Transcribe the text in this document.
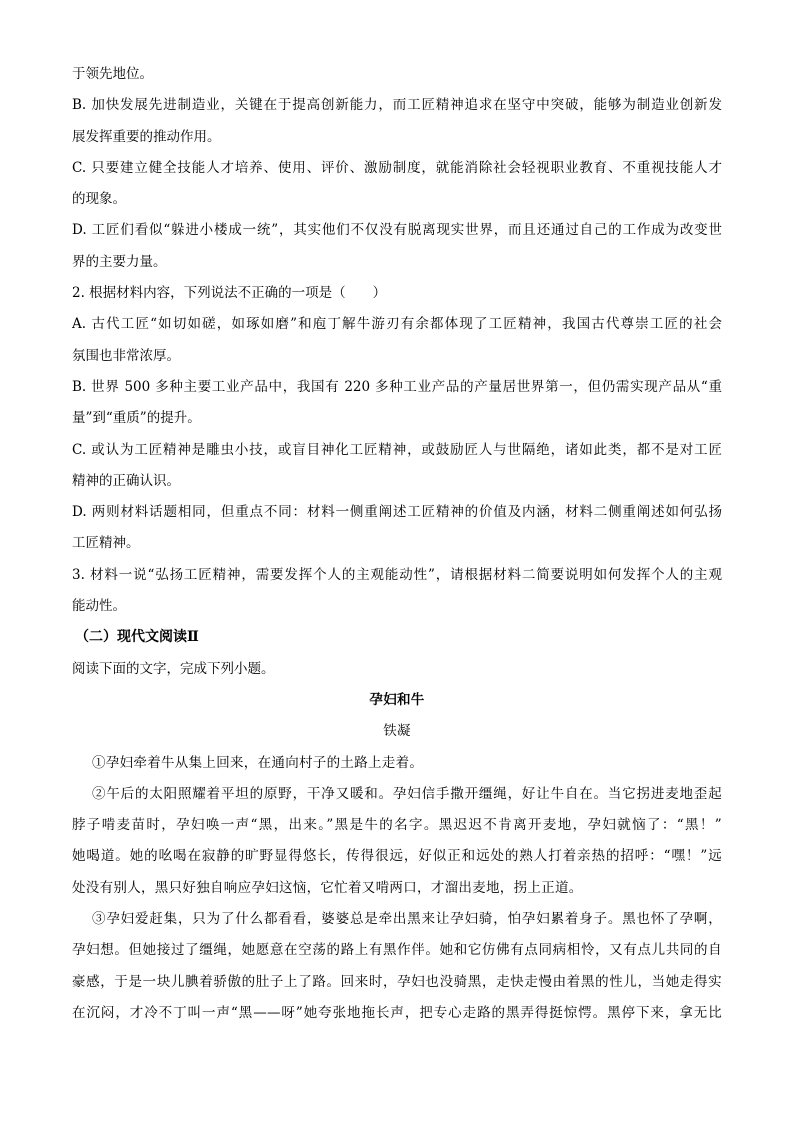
于领先地位。
B. 加快发展先进制造业，关键在于提高创新能力，而工匠精神追求在坚守中突破，能够为制造业创新发
展发挥重要的推动作用。
C. 只要建立健全技能人才培养、使用、评价、激励制度，就能消除社会轻视职业教育、不重视技能人才
的现象。
D. 工匠们看似“躲进小楼成一统”，其实他们不仅没有脱离现实世界，而且还通过自己的工作成为改变世
界的主要力量。
2. 根据材料内容，下列说法不正确的一项是（　　）
A. 古代工匠“如切如磋，如琢如磨”和庖丁解牛游刃有余都体现了工匠精神，我国古代尊崇工匠的社会
氛围也非常浓厚。
B. 世界 500 多种主要工业产品中，我国有 220 多种工业产品的产量居世界第一，但仍需实现产品从“重
量”到“重质”的提升。
C. 或认为工匠精神是雕虫小技，或盲目神化工匠精神，或鼓励匠人与世隔绝，诸如此类，都不是对工匠
精神的正确认识。
D. 两则材料话题相同，但重点不同：材料一侧重阐述工匠精神的价值及内涵，材料二侧重阐述如何弘扬
工匠精神。
3. 材料一说“弘扬工匠精神，需要发挥个人的主观能动性”，请根据材料二简要说明如何发挥个人的主观
能动性。
（二）现代文阅读Ⅱ
阅读下面的文字，完成下列小题。
孕妇和牛
铁凝
①孕妇牵着牛从集上回来，在通向村子的土路上走着。
②午后的太阳照耀着平坦的原野，干净又暖和。孕妇信手撒开缰绳，好让牛自在。当它拐进麦地歪起
脖子啃麦苗时，孕妇唤一声“黑，出来。”黑是牛的名字。黑迟迟不肯离开麦地，孕妇就恼了：“黑！”
她喝道。她的吆喝在寂静的旷野显得悠长，传得很远，好似正和远处的熟人打着亲热的招呼：“嘿！”远
处没有别人，黑只好独自响应孕妇这恼，它忙着又啃两口，才溜出麦地，拐上正道。
③孕妇爱赶集，只为了什么都看看，婆婆总是牵出黑来让孕妇骑，怕孕妇累着身子。黑也怀了孕啊，
孕妇想。但她接过了缰绳，她愿意在空荡的路上有黑作伴。她和它仿佛有点同病相怜，又有点儿共同的自
豪感，于是一块儿腆着骄傲的肚子上了路。回来时，孕妇也没骑黑，走快走慢由着黑的性儿，当她走得实
在沉闷，才冷不丁叫一声“黑——呀”她夸张地拖长声，把专心走路的黑弄得挺惊愕。黑停下来，拿无比
